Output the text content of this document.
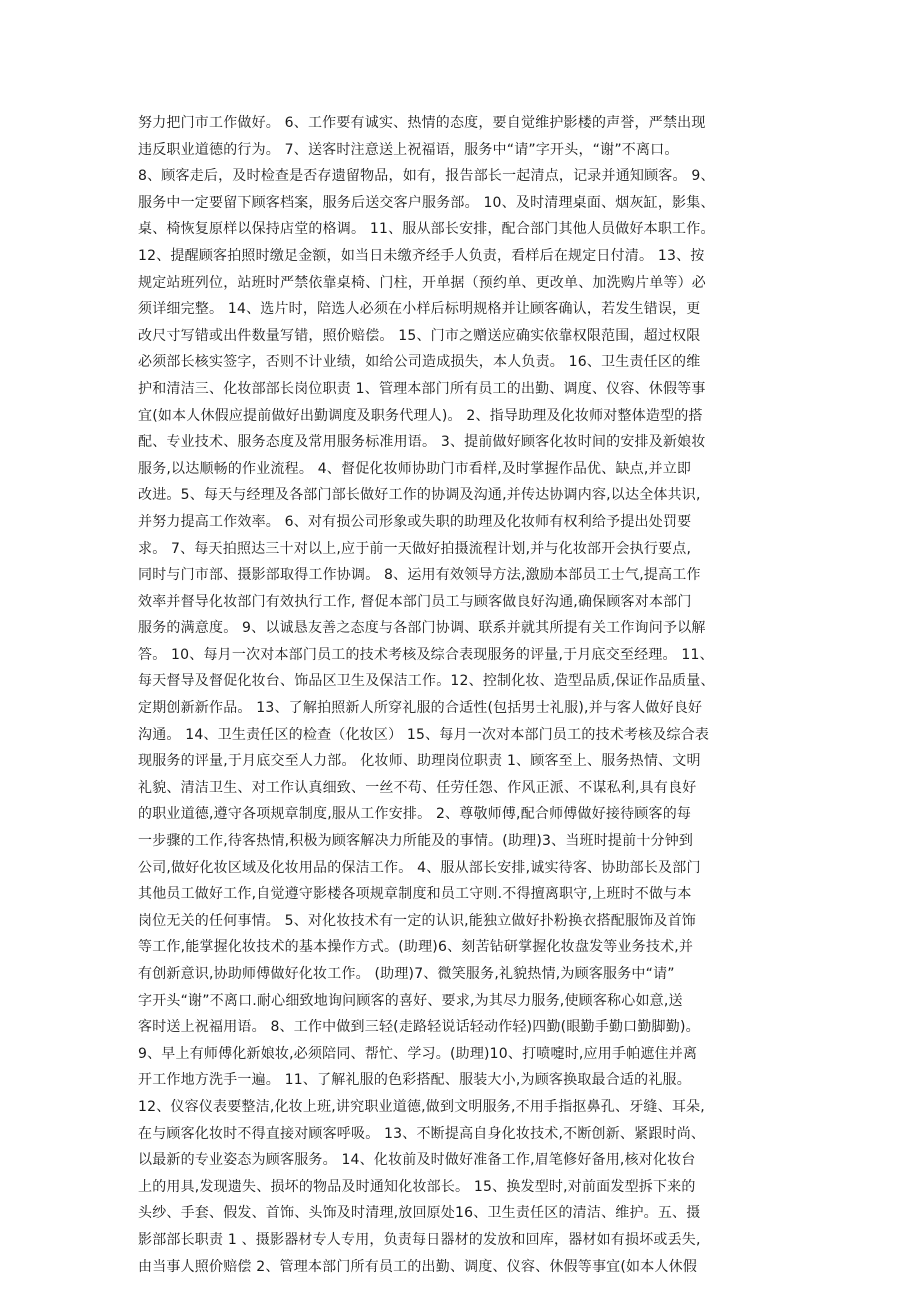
努力把门市工作做好。 6、工作要有诚实、热情的态度，要自觉维护影楼的声誉，严禁出现
违反职业道德的行为。 7、送客时注意送上祝福语，服务中“请”字开头，“谢”不离口。
8、顾客走后，及时检查是否存遗留物品，如有，报告部长一起清点，记录并通知顾客。 9、
服务中一定要留下顾客档案，服务后送交客户服务部。 10、及时清理桌面、烟灰缸，影集、
桌、椅恢复原样以保持店堂的格调。 11、服从部长安排，配合部门其他人员做好本职工作。
12、提醒顾客拍照时缴足金额，如当日未缴齐经手人负责，看样后在规定日付清。 13、按
规定站班列位，站班时严禁依靠桌椅、门柱，开单据（预约单、更改单、加洗购片单等）必
须详细完整。 14、选片时，陪选人必须在小样后标明规格并让顾客确认，若发生错误，更
改尺寸写错或出件数量写错，照价赔偿。 15、门市之赠送应确实依靠权限范围，超过权限
必须部长核实签字，否则不计业绩，如给公司造成损失，本人负责。 16、卫生责任区的维
护和清洁三、化妆部部长岗位职责 1、管理本部门所有员工的出勤、调度、仪容、休假等事
宜(如本人休假应提前做好出勤调度及职务代理人)。 2、指导助理及化妆师对整体造型的搭
配、专业技术、服务态度及常用服务标准用语。 3、提前做好顾客化妆时间的安排及新娘妆
服务,以达顺畅的作业流程。 4、督促化妆师协助门市看样,及时掌握作品优、缺点,并立即
改进。5、每天与经理及各部门部长做好工作的协调及沟通,并传达协调内容,以达全体共识,
并努力提高工作效率。 6、对有损公司形象或失职的助理及化妆师有权利给予提出处罚要
求。 7、每天拍照达三十对以上,应于前一天做好拍摄流程计划,并与化妆部开会执行要点,
同时与门市部、摄影部取得工作协调。 8、运用有效领导方法,激励本部员工士气,提高工作
效率并督导化妆部门有效执行工作, 督促本部门员工与顾客做良好沟通,确保顾客对本部门
服务的满意度。 9、以诚恳友善之态度与各部门协调、联系并就其所提有关工作询问予以解
答。 10、每月一次对本部门员工的技术考核及综合表现服务的评量,于月底交至经理。 11、
每天督导及督促化妆台、饰品区卫生及保洁工作。12、控制化妆、造型品质,保证作品质量、
定期创新新作品。 13、了解拍照新人所穿礼服的合适性(包括男士礼服),并与客人做好良好
沟通。 14、卫生责任区的检查（化妆区） 15、每月一次对本部门员工的技术考核及综合表
现服务的评量,于月底交至人力部。 化妆师、助理岗位职责 1、顾客至上、服务热情、文明
礼貌、清洁卫生、对工作认真细致、一丝不苟、任劳任怨、作风正派、不谋私利,具有良好
的职业道德,遵守各项规章制度,服从工作安排。 2、尊敬师傅,配合师傅做好接待顾客的每
一步骤的工作,待客热情,积极为顾客解决力所能及的事情。(助理)3、当班时提前十分钟到
公司,做好化妆区域及化妆用品的保洁工作。 4、服从部长安排,诚实待客、协助部长及部门
其他员工做好工作,自觉遵守影楼各项规章制度和员工守则.不得擅离职守,上班时不做与本
岗位无关的任何事情。 5、对化妆技术有一定的认识,能独立做好扑粉换衣搭配服饰及首饰
等工作,能掌握化妆技术的基本操作方式。(助理)6、刻苦钻研掌握化妆盘发等业务技术,并
有创新意识,协助师傅做好化妆工作。 (助理)7、微笑服务,礼貌热情,为顾客服务中“请”
字开头“谢”不离口.耐心细致地询问顾客的喜好、要求,为其尽力服务,使顾客称心如意,送
客时送上祝福用语。 8、工作中做到三轻(走路轻说话轻动作轻)四勤(眼勤手勤口勤脚勤)。
9、早上有师傅化新娘妆,必须陪同、帮忙、学习。(助理)10、打喷嚏时,应用手帕遮住并离
开工作地方洗手一遍。 11、了解礼服的色彩搭配、服装大小,为顾客换取最合适的礼服。
12、仪容仪表要整洁,化妆上班,讲究职业道德,做到文明服务,不用手指抠鼻孔、牙缝、耳朵,
在与顾客化妆时不得直接对顾客呼吸。 13、不断提高自身化妆技术,不断创新、紧跟时尚、
以最新的专业姿态为顾客服务。 14、化妆前及时做好准备工作,眉笔修好备用,核对化妆台
上的用具,发现遗失、损坏的物品及时通知化妆部长。 15、换发型时,对前面发型拆下来的
头纱、手套、假发、首饰、头饰及时清理,放回原处16、卫生责任区的清洁、维护。五、摄
影部部长职责 1 、摄影器材专人专用，负责每日器材的发放和回库，器材如有损坏或丢失,
由当事人照价赔偿 2、管理本部门所有员工的出勤、调度、仪容、休假等事宜(如本人休假
